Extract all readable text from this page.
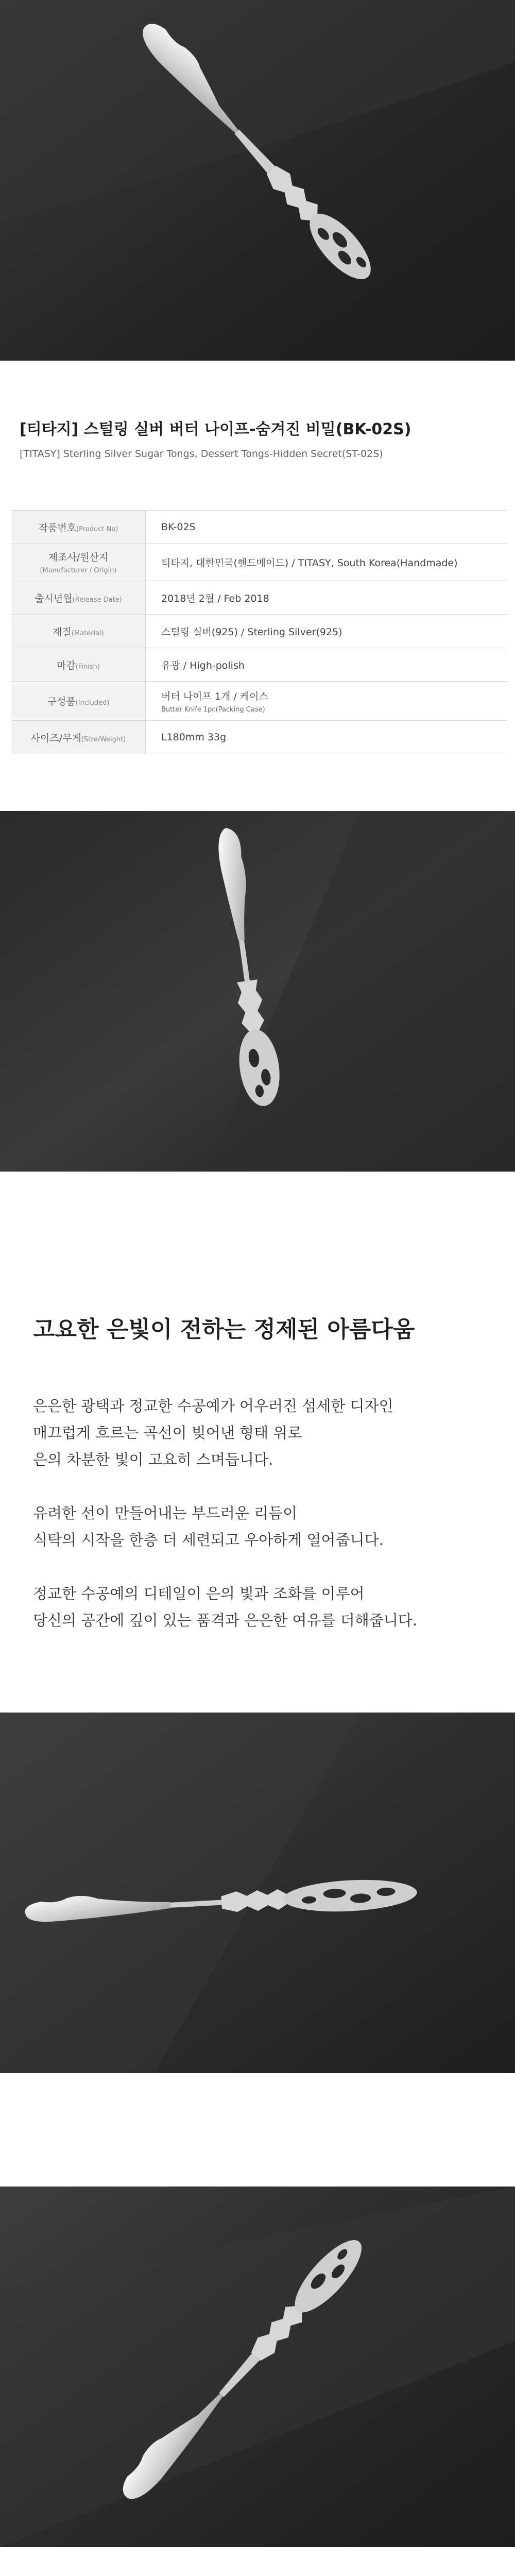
[티타지] 스털링 실버 버터 나이프-숨겨진 비밀(BK-02S)

[TITASY] Sterling Silver Sugar Tongs, Dessert Tongs-Hidden Secret(ST-02S)

작품번호(Product No)	BK-02S
제조사/원산지
(Manufacturer / Origin)	티타지, 대한민국(핸드메이드) / TITASY, South Korea(Handmade)
출시년월(Release Date)	2018년 2월 / Feb 2018
재질(Material)	스털링 실버(925) / Sterling Silver(925)
마감(Finish)	유광 / High-polish
구성품(Included)	버터 나이프 1개 / 케이스
Butter Knife 1pc(Packing Case)

사이즈/무게(Size/Weight)	L180mm 33g
고요한 은빛이 전하는 정제된 아름다움

은은한 광택과 정교한 수공예가 어우러진 섬세한 디자인
매끄럽게 흐르는 곡선이 빚어낸 형태 위로
은의 차분한 빛이 고요히 스며듭니다.

유려한 선이 만들어내는 부드러운 리듬이
식탁의 시작을 한층 더 세련되고 우아하게 열어줍니다.

정교한 수공예의 디테일이 은의 빛과 조화를 이루어
당신의 공간에 깊이 있는 품격과 은은한 여유를 더해줍니다.
